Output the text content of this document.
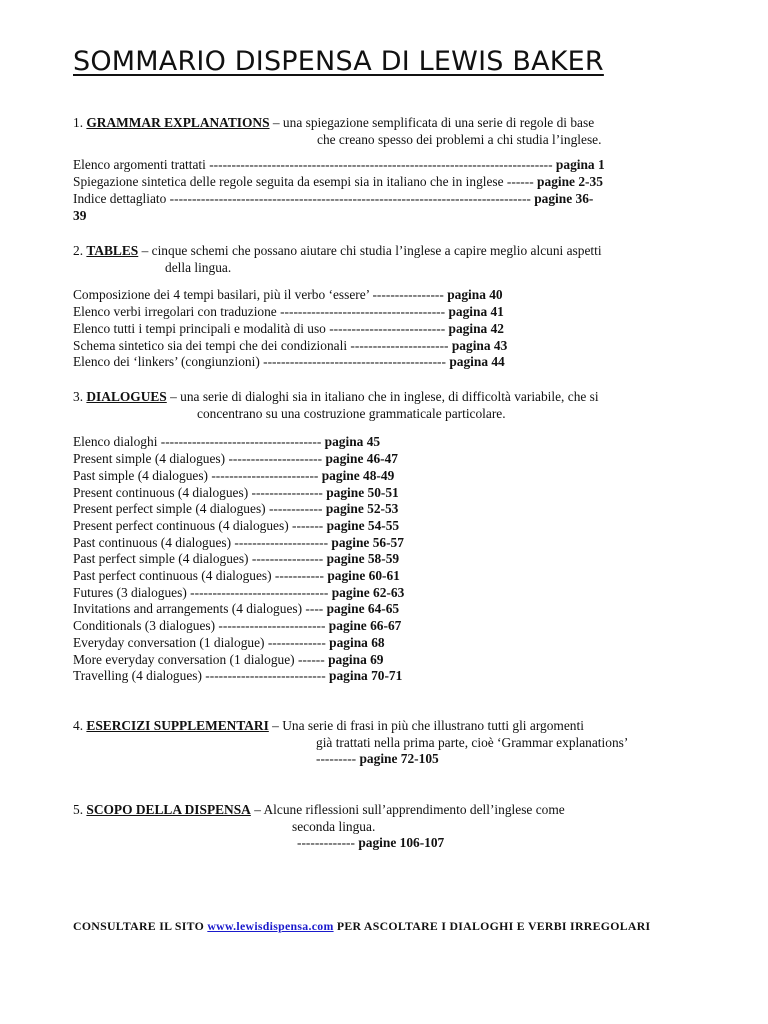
SOMMARIO DISPENSA DI LEWIS BAKER
1. GRAMMAR EXPLANATIONS – una spiegazione semplificata di una serie di regole di base
che creano spesso dei problemi a chi studia l’inglese.
Elenco argomenti trattati ----------------------------------------------------------------------------- pagina 1
Spiegazione sintetica delle regole seguita da esempi sia in italiano che in inglese ------ pagine 2-35
Indice dettagliato --------------------------------------------------------------------------------- pagine 36-
39
2. TABLES – cinque schemi che possano aiutare chi studia l’inglese a capire meglio alcuni aspetti
della lingua.
Composizione dei 4 tempi basilari, più il verbo ‘essere’ ---------------- pagina 40
Elenco verbi irregolari con traduzione ------------------------------------- pagina 41
Elenco tutti i tempi principali e modalità di uso -------------------------- pagina 42
Schema sintetico sia dei tempi che dei condizionali ---------------------- pagina 43
Elenco dei ‘linkers’ (congiunzioni) ----------------------------------------- pagina 44
3. DIALOGUES – una serie di dialoghi sia in italiano che in inglese, di difficoltà variabile, che si
concentrano su una costruzione grammaticale particolare.
Elenco dialoghi ------------------------------------ pagina 45
Present simple (4 dialogues) --------------------- pagine 46-47
Past simple (4 dialogues) ------------------------ pagine 48-49
Present continuous (4 dialogues) ---------------- pagine 50-51
Present perfect simple (4 dialogues) ------------ pagine 52-53
Present perfect continuous (4 dialogues) ------- pagine 54-55
Past continuous (4 dialogues) --------------------- pagine 56-57
Past perfect simple (4 dialogues) ---------------- pagine 58-59
Past perfect continuous (4 dialogues) ----------- pagine 60-61
Futures (3 dialogues) ------------------------------- pagine 62-63
Invitations and arrangements (4 dialogues) ---- pagine 64-65
Conditionals (3 dialogues) ------------------------ pagine 66-67
Everyday conversation (1 dialogue) ------------- pagina 68
More everyday conversation (1 dialogue) ------ pagina 69
Travelling (4 dialogues) --------------------------- pagina 70-71
4. ESERCIZI SUPPLEMENTARI – Una serie di frasi in più che illustrano tutti gli argomenti
già trattati nella prima parte, cioè ‘Grammar explanations’
--------- pagine 72-105
5. SCOPO DELLA DISPENSA – Alcune riflessioni sull’apprendimento dell’inglese come
seconda lingua.
------------- pagine 106-107
CONSULTARE IL SITO www.lewisdispensa.com PER ASCOLTARE I DIALOGHI E VERBI IRREGOLARI
